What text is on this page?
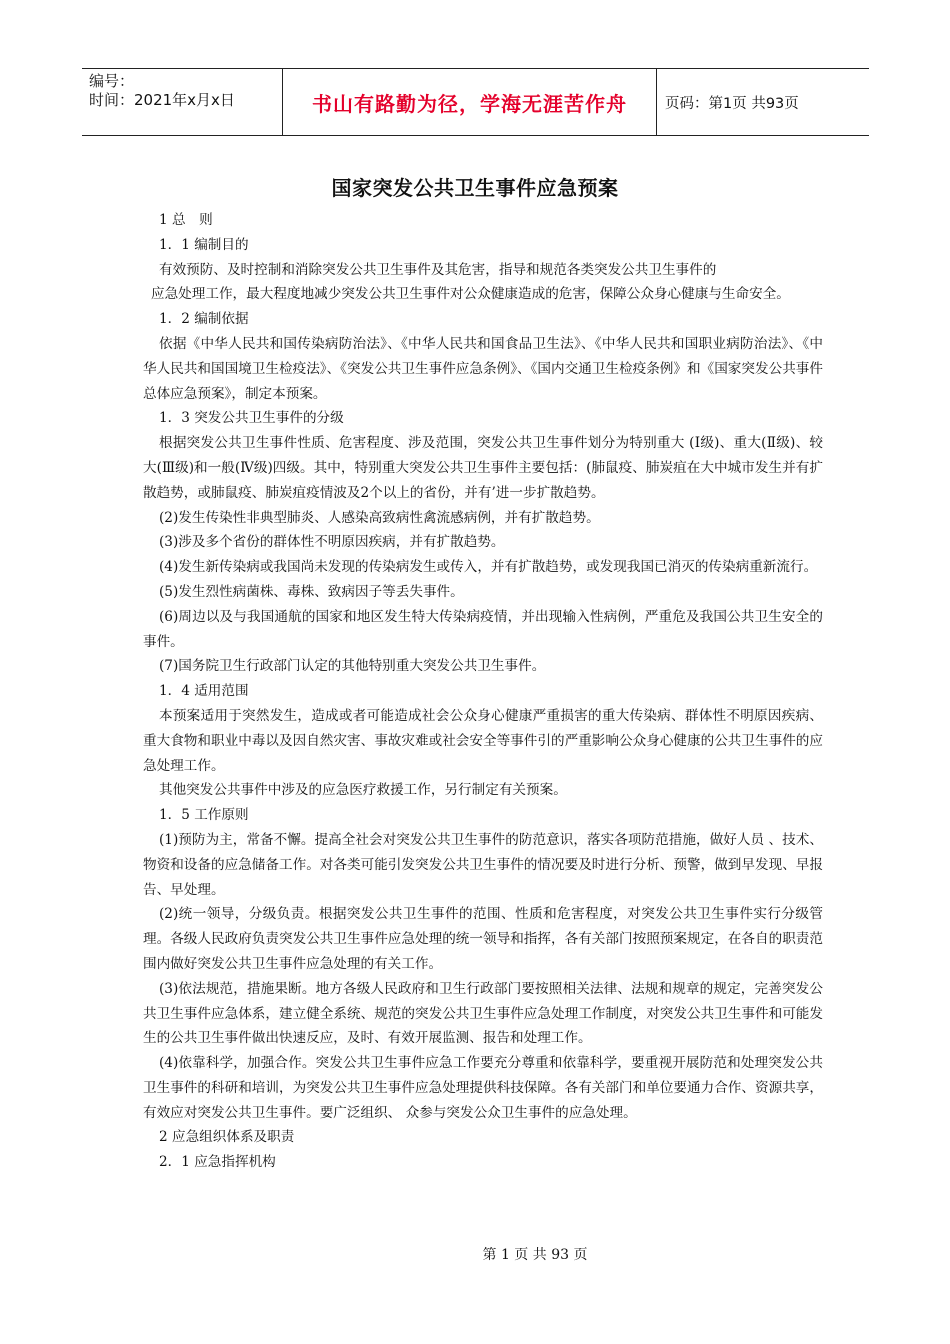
编号：
时间：2021年x月x日	书山有路勤为径，学海无涯苦作舟	页码：第1页 共93页
国家突发公共卫生事件应急预案

1 总　则

1．1 编制目的

有效预防、及时控制和消除突发公共卫生事件及其危害，指导和规范各类突发公共卫生事件的

应急处理工作，最大程度地减少突发公共卫生事件对公众健康造成的危害，保障公众身心健康与生命安全。

1．2 编制依据

依据《中华人民共和国传染病防治法》、《中华人民共和国食品卫生法》、《中华人民共和国职业病防治法》、《中华人民共和国国境卫生检疫法》、《突发公共卫生事件应急条例》、《国内交通卫生检疫条例》和《国家突发公共事件总体应急预案》，制定本预案。

1．3 突发公共卫生事件的分级

根据突发公共卫生事件性质、危害程度、涉及范围，突发公共卫生事件划分为特别重大 (Ⅰ级)、重大(Ⅱ级)、较大(Ⅲ级)和一般(Ⅳ级)四级。其中，特别重大突发公共卫生事件主要包括：(肺鼠疫、肺炭疽在大中城市发生并有扩散趋势，或肺鼠疫、肺炭疽疫情波及2个以上的省份，并有’进一步扩散趋势。

(2)发生传染性非典型肺炎、人感染高致病性禽流感病例，并有扩散趋势。

(3)涉及多个省份的群体性不明原因疾病，并有扩散趋势。

(4)发生新传染病或我国尚未发现的传染病发生或传入，并有扩散趋势，或发现我国已消灭的传染病重新流行。

(5)发生烈性病菌株、毒株、致病因子等丢失事件。

(6)周边以及与我国通航的国家和地区发生特大传染病疫情，并出现输入性病例，严重危及我国公共卫生安全的事件。

(7)国务院卫生行政部门认定的其他特别重大突发公共卫生事件。

1．4 适用范围

本预案适用于突然发生，造成或者可能造成社会公众身心健康严重损害的重大传染病、群体性不明原因疾病、重大食物和职业中毒以及因自然灾害、事故灾难或社会安全等事件引的严重影响公众身心健康的公共卫生事件的应急处理工作。

其他突发公共事件中涉及的应急医疗救援工作，另行制定有关预案。

1．5 工作原则

(1)预防为主，常备不懈。提高全社会对突发公共卫生事件的防范意识，落实各项防范措施，做好人员 、技术、物资和设备的应急储备工作。对各类可能引发突发公共卫生事件的情况要及时进行分析、预警，做到早发现、早报告、早处理。

(2)统一领导，分级负责。根据突发公共卫生事件的范围、性质和危害程度，对突发公共卫生事件实行分级管理。各级人民政府负责突发公共卫生事件应急处理的统一领导和指挥，各有关部门按照预案规定，在各自的职责范围内做好突发公共卫生事件应急处理的有关工作。

(3)依法规范，措施果断。地方各级人民政府和卫生行政部门要按照相关法律、法规和规章的规定，完善突发公共卫生事件应急体系，建立健全系统、规范的突发公共卫生事件应急处理工作制度，对突发公共卫生事件和可能发生的公共卫生事件做出快速反应，及时、有效开展监测、报告和处理工作。

(4)依靠科学，加强合作。突发公共卫生事件应急工作要充分尊重和依靠科学，要重视开展防范和处理突发公共卫生事件的科研和培训，为突发公共卫生事件应急处理提供科技保障。各有关部门和单位要通力合作、资源共享，有效应对突发公共卫生事件。要广泛组织、 众参与突发公众卫生事件的应急处理。

2 应急组织体系及职责

2．1 应急指挥机构

第 1 页 共 93 页
